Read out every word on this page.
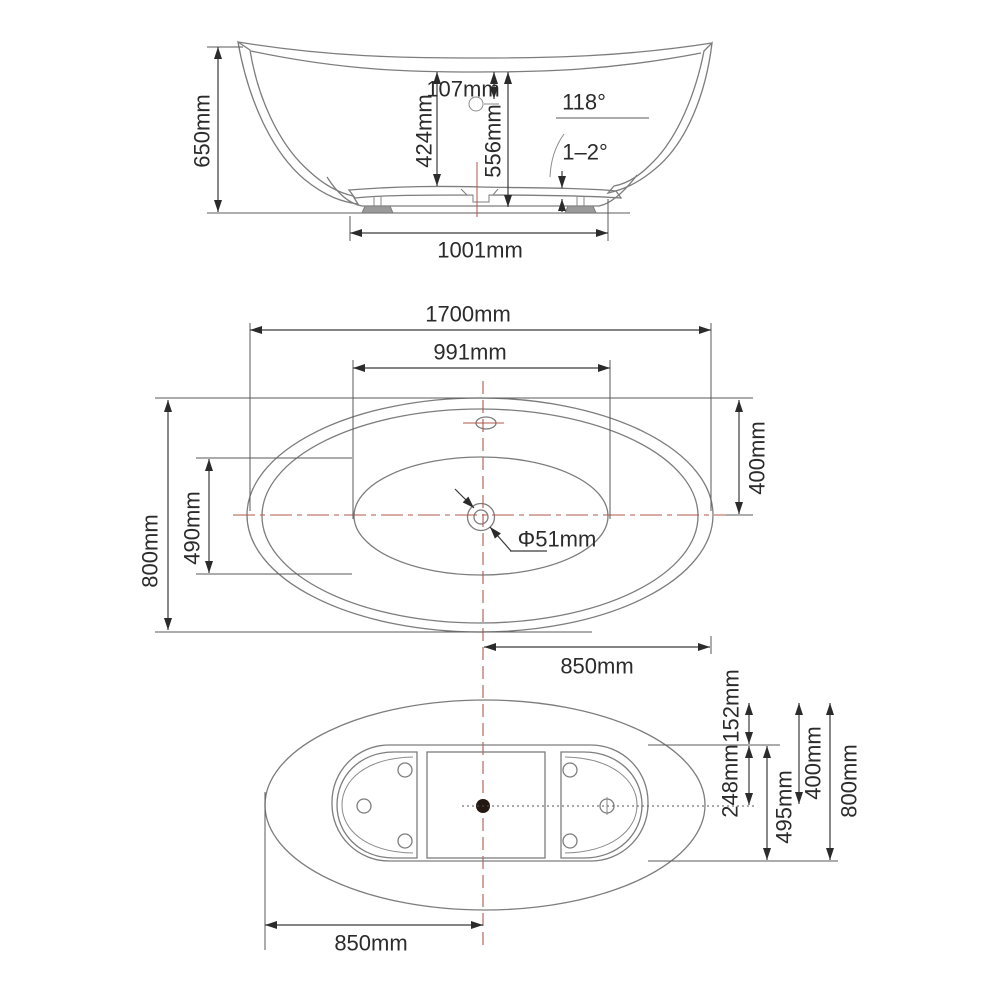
650mm	424mm
107mm
556mm
118°
1–2°
1001mm
1700mm
991mm
800mm 490mm
400mm
Φ51mm
850mm
152mm
248mm 495mm
400mm 800mm
850mm
